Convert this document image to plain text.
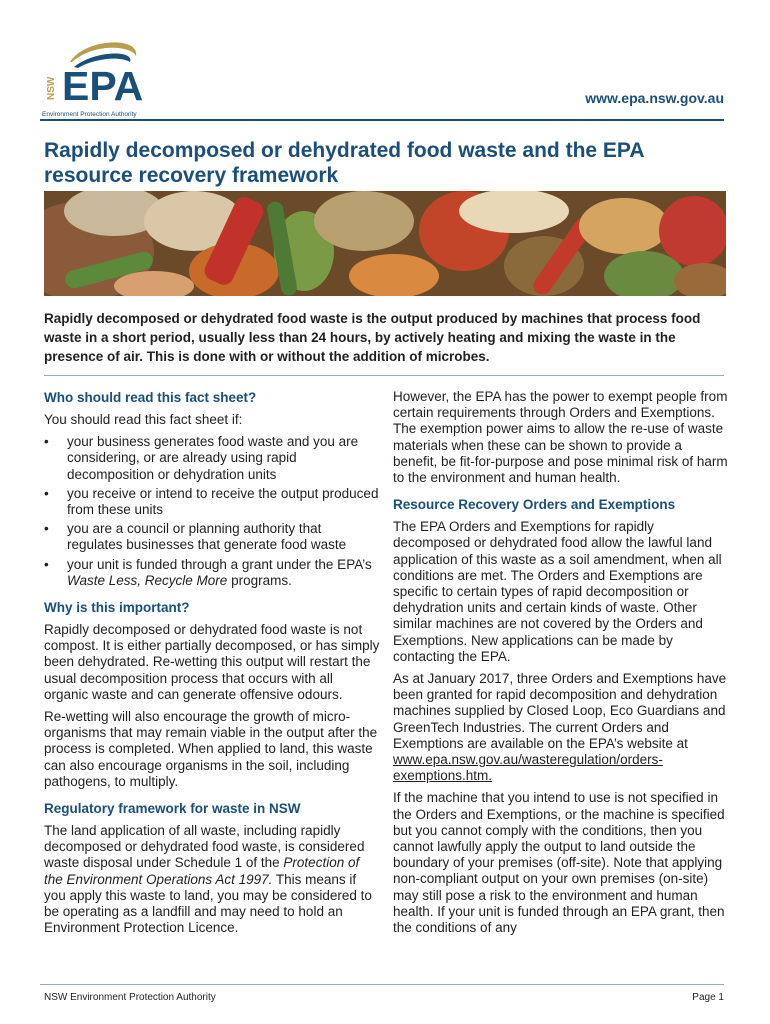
NSW EPA
Environment Protection Authority
www.epa.nsw.gov.au
Rapidly decomposed or dehydrated food waste and the EPA resource recovery framework

Rapidly decomposed or dehydrated food waste is the output produced by machines that process food waste in a short period, usually less than 24 hours, by actively heating and mixing the waste in the presence of air. This is done with or without the addition of microbes.

Who should read this fact sheet?

You should read this fact sheet if:

• your business generates food waste and you are considering, or are already using rapid decomposition or dehydration units
• you receive or intend to receive the output produced from these units
• you are a council or planning authority that regulates businesses that generate food waste
• your unit is funded through a grant under the EPA’s Waste Less, Recycle More programs.
Why is this important?

Rapidly decomposed or dehydrated food waste is not compost. It is either partially decomposed, or has simply been dehydrated. Re-wetting this output will restart the usual decomposition process that occurs with all organic waste and can generate offensive odours.

Re-wetting will also encourage the growth of micro-organisms that may remain viable in the output after the process is completed. When applied to land, this waste can also encourage organisms in the soil, including pathogens, to multiply.

Regulatory framework for waste in NSW

The land application of all waste, including rapidly decomposed or dehydrated food waste, is considered waste disposal under Schedule 1 of the Protection of the Environment Operations Act 1997. This means if you apply this waste to land, you may be considered to be operating as a landfill and may need to hold an Environment Protection Licence.

However, the EPA has the power to exempt people from certain requirements through Orders and Exemptions. The exemption power aims to allow the re-use of waste materials when these can be shown to provide a benefit, be fit-for-purpose and pose minimal risk of harm to the environment and human health.

Resource Recovery Orders and Exemptions

The EPA Orders and Exemptions for rapidly decomposed or dehydrated food allow the lawful land application of this waste as a soil amendment, when all conditions are met. The Orders and Exemptions are specific to certain types of rapid decomposition or dehydration units and certain kinds of waste. Other similar machines are not covered by the Orders and Exemptions. New applications can be made by contacting the EPA.

As at January 2017, three Orders and Exemptions have been granted for rapid decomposition and dehydration machines supplied by Closed Loop, Eco Guardians and GreenTech Industries. The current Orders and Exemptions are available on the EPA’s website at www.epa.nsw.gov.au/wasteregulation/orders-exemptions.htm.

If the machine that you intend to use is not specified in the Orders and Exemptions, or the machine is specified but you cannot comply with the conditions, then you cannot lawfully apply the output to land outside the boundary of your premises (off-site). Note that applying non-compliant output on your own premises (on-site) may still pose a risk to the environment and human health. If your unit is funded through an EPA grant, then the conditions of any

NSW Environment Protection Authority	Page 1
